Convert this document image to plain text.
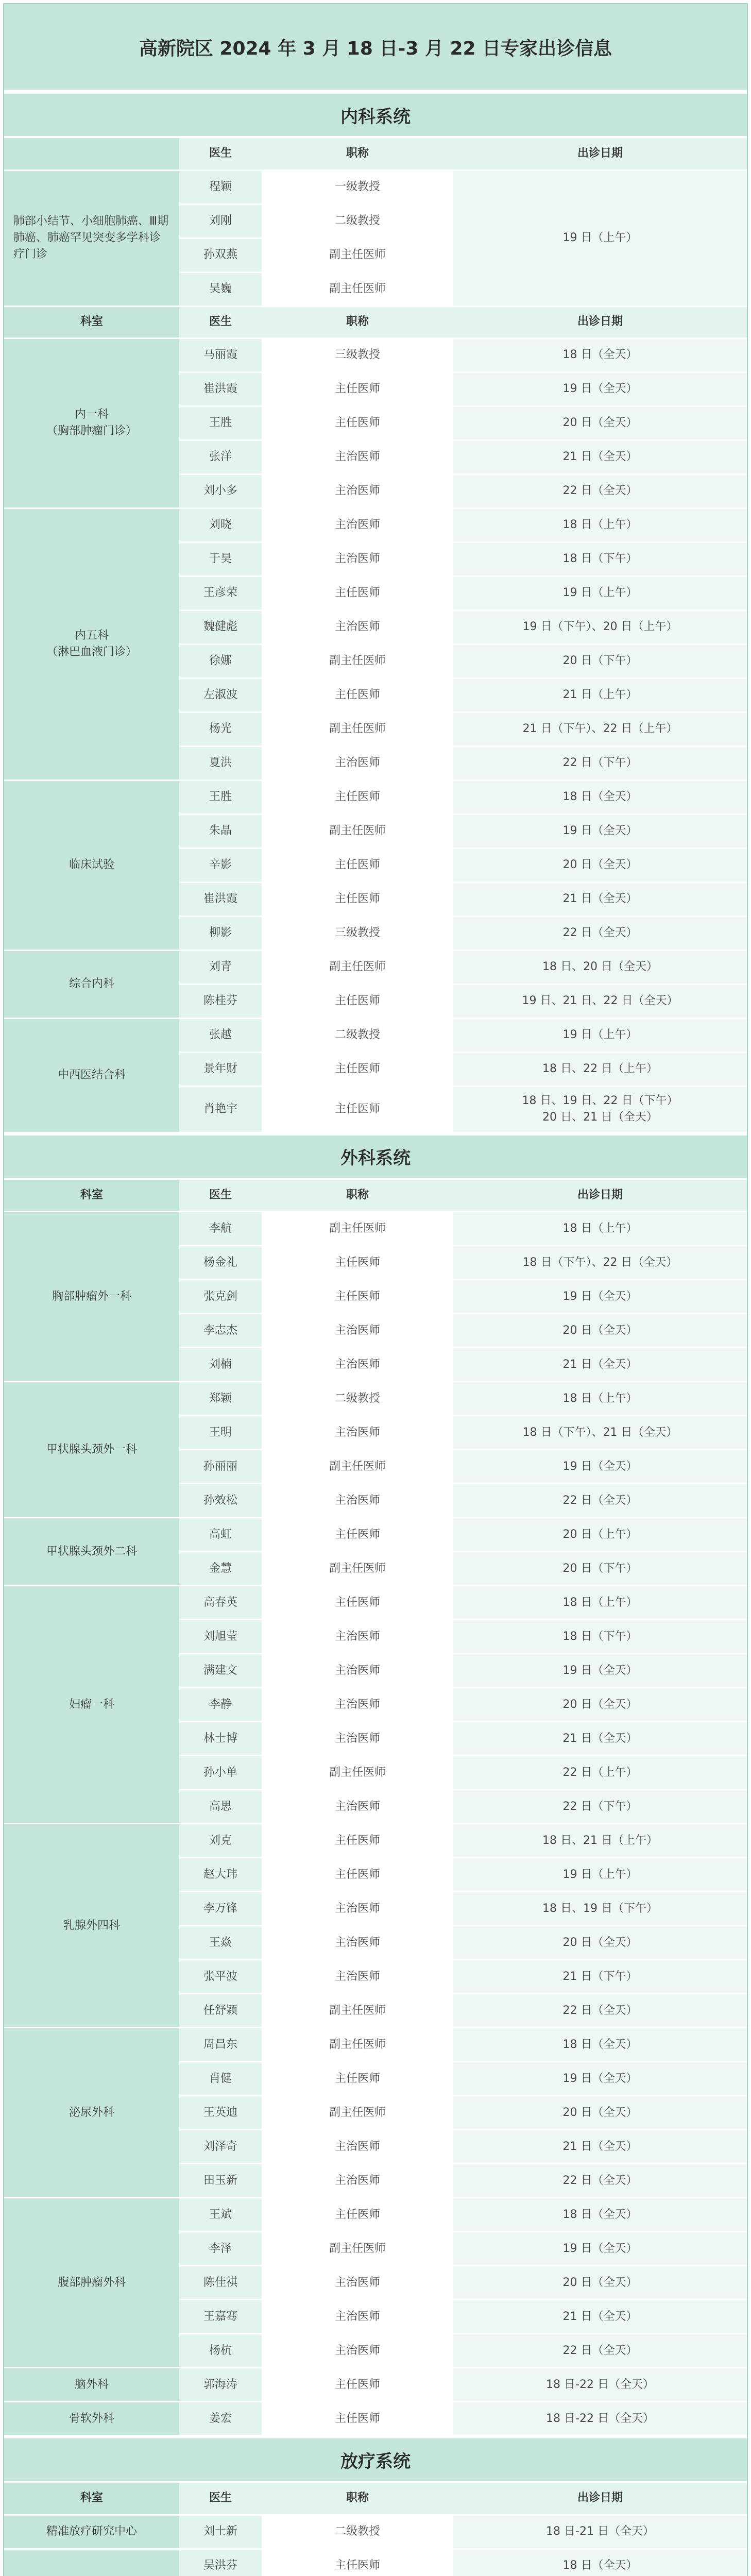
高新院区 2024 年 3 月 18 日-3 月 22 日专家出诊信息
内科系统
	医生	职称	出诊日期
肺部小结节、小细胞肺癌、Ⅲ期肺癌、肺癌罕见突变多学科诊疗门诊	程颖	一级教授	19 日（上午）
	刘刚	二级教授	
	孙双燕	副主任医师	
	吴巍	副主任医师	
科室	医生	职称	出诊日期
内一科
（胸部肿瘤门诊）	马丽霞	三级教授	18 日（全天）
	崔洪霞	主任医师	19 日（全天）
	王胜	主任医师	20 日（全天）
	张洋	主治医师	21 日（全天）
	刘小多	主治医师	22 日（全天）
内五科
（淋巴血液门诊）	刘晓	主治医师	18 日（上午）
	于昊	主治医师	18 日（下午）
	王彦荣	主任医师	19 日（上午）
	魏健彪	主治医师	19 日（下午）、20 日（上午）
	徐娜	副主任医师	20 日（下午）
	左淑波	主任医师	21 日（上午）
	杨光	副主任医师	21 日（下午）、22 日（上午）
	夏洪	主治医师	22 日（下午）
临床试验	王胜	主任医师	18 日（全天）
	朱晶	副主任医师	19 日（全天）
	辛影	主任医师	20 日（全天）
	崔洪霞	主任医师	21 日（全天）
	柳影	三级教授	22 日（全天）
综合内科	刘青	副主任医师	18 日、20 日（全天）
	陈桂芬	主任医师	19 日、21 日、22 日（全天）
中西医结合科	张越	二级教授	19 日（上午）
	景年财	主任医师	18 日、22 日（上午）
	肖艳宇	主任医师	18 日、19 日、22 日（下午）
20 日、21 日（全天）
外科系统
科室	医生	职称	出诊日期
胸部肿瘤外一科	李航	副主任医师	18 日（上午）
	杨金礼	主任医师	18 日（下午）、22 日（全天）
	张克剑	主任医师	19 日（全天）
	李志杰	主治医师	20 日（全天）
	刘楠	主治医师	21 日（全天）
甲状腺头颈外一科	郑颖	二级教授	18 日（上午）
	王明	主治医师	18 日（下午）、21 日（全天）
	孙丽丽	副主任医师	19 日（全天）
	孙效松	主治医师	22 日（全天）
甲状腺头颈外二科	高虹	主任医师	20 日（上午）
	金慧	副主任医师	20 日（下午）
妇瘤一科	高春英	主任医师	18 日（上午）
	刘旭莹	主治医师	18 日（下午）
	满建文	主治医师	19 日（全天）
	李静	主治医师	20 日（全天）
	林士博	主治医师	21 日（全天）
	孙小单	副主任医师	22 日（上午）
	高思	主治医师	22 日（下午）
乳腺外四科	刘克	主任医师	18 日、21 日（上午）
	赵大玮	主任医师	19 日（上午）
	李万锋	主治医师	18 日、19 日（下午）
	王焱	主治医师	20 日（全天）
	张平波	主治医师	21 日（下午）
	任舒颖	副主任医师	22 日（全天）
泌尿外科	周昌东	副主任医师	18 日（全天）
	肖健	主任医师	19 日（全天）
	王英迪	副主任医师	20 日（全天）
	刘泽奇	主治医师	21 日（全天）
	田玉新	主治医师	22 日（全天）
腹部肿瘤外科	王斌	主任医师	18 日（全天）
	李泽	副主任医师	19 日（全天）
	陈佳祺	主治医师	20 日（全天）
	王嘉骞	主治医师	21 日（全天）
	杨杭	主治医师	22 日（全天）
脑外科	郭海涛	主任医师	18 日-22 日（全天）
骨软外科	姜宏	主任医师	18 日-22 日（全天）
放疗系统
科室	医生	职称	出诊日期
精准放疗研究中心	刘士新	二级教授	18 日-21 日（全天）
	吴洪芬	主任医师	18 日（全天）
